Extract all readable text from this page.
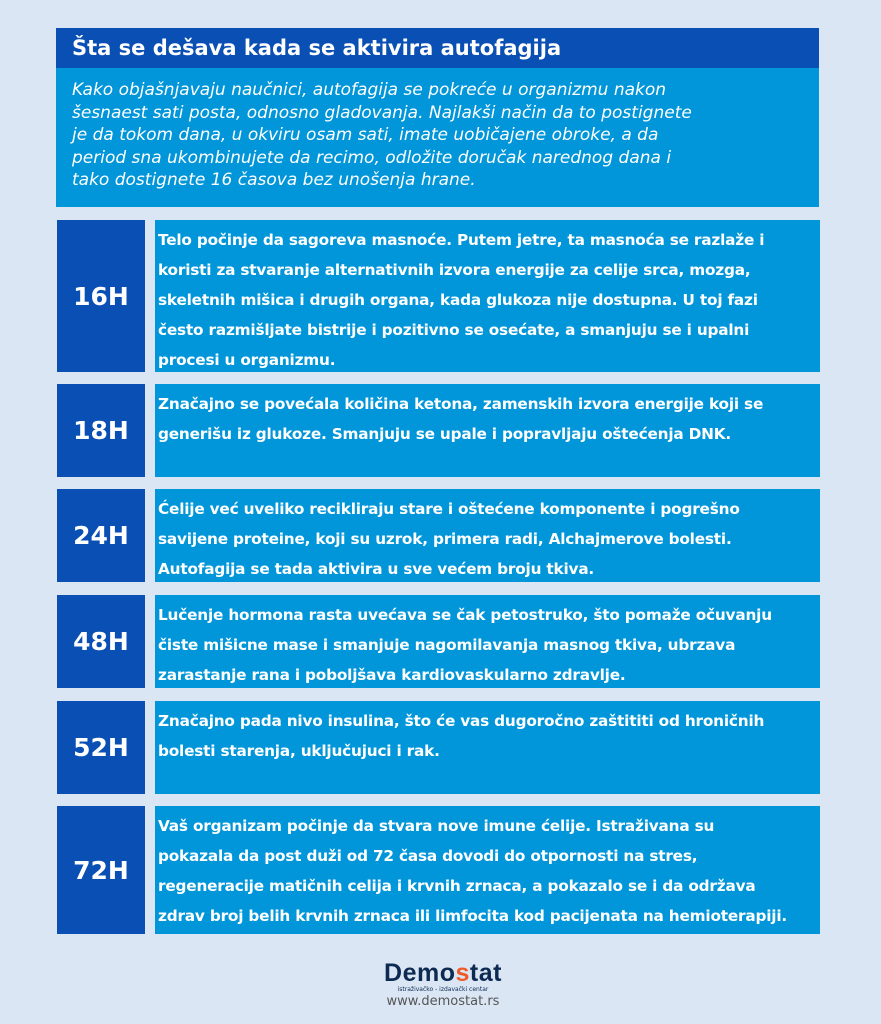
Šta se dešava kada se aktivira autofagija
Kako objašnjavaju naučnici, autofagija se pokreće u organizmu nakon
šesnaest sati posta, odnosno gladovanja. Najlakši način da to postignete
je da tokom dana, u okviru osam sati, imate uobičajene obroke, a da
period sna ukombinujete da recimo, odložite doručak narednog dana i
tako dostignete 16 časova bez unošenja hrane.
16H
Telo počinje da sagoreva masnoće. Putem jetre, ta masnoća se razlaže i
koristi za stvaranje alternativnih izvora energije za celije srca, mozga,
skeletnih mišica i drugih organa, kada glukoza nije dostupna. U toj fazi
često razmišljate bistrije i pozitivno se osećate, a smanjuju se i upalni
procesi u organizmu.
18H
Značajno se povećala količina ketona, zamenskih izvora energije koji se
generišu iz glukoze. Smanjuju se upale i popravljaju oštećenja DNK.
24H
Ćelije već uveliko recikliraju stare i oštećene komponente i pogrešno
savijene proteine, koji su uzrok, primera radi, Alchajmerove bolesti.
Autofagija se tada aktivira u sve većem broju tkiva.
48H
Lučenje hormona rasta uvećava se čak petostruko, što pomaže očuvanju
čiste mišicne mase i smanjuje nagomilavanja masnog tkiva, ubrzava
zarastanje rana i poboljšava kardiovaskularno zdravlje.
52H
Značajno pada nivo insulina, što će vas dugoročno zaštititi od hroničnih
bolesti starenja, uključujuci i rak.
72H
Vaš organizam počinje da stvara nove imune ćelije. Istraživana su
pokazala da post duži od 72 časa dovodi do otpornosti na stres,
regeneracije matičnih celija i krvnih zrnaca, a pokazalo se i da održava
zdrav broj belih krvnih zrnaca ili limfocita kod pacijenata na hemioterapiji.
Demostat
istraživačko - izdavački centar
www.demostat.rs
